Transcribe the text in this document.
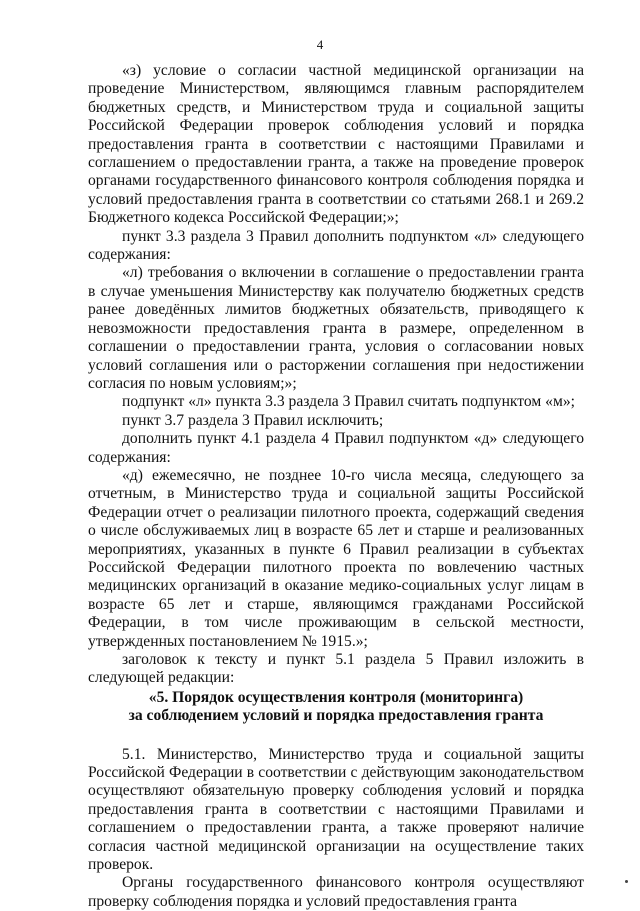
4

«з) условие о согласии частной медицинской организации на проведение Министерством, являющимся главным распорядителем бюджетных средств, и Министерством труда и социальной защиты Российской Федерации проверок соблюдения условий и порядка предоставления гранта в соответствии с настоящими Правилами и соглашением о предоставлении гранта, а также на проведение проверок органами государственного финансового контроля соблюдения порядка и условий предоставления гранта в соответствии со статьями 268.1 и 269.2 Бюджетного кодекса Российской Федерации;»;

пункт 3.3 раздела 3 Правил дополнить подпунктом «л» следующего содержания:

«л) требования о включении в соглашение о предоставлении гранта в случае уменьшения Министерству как получателю бюджетных средств ранее доведённых лимитов бюджетных обязательств, приводящего к невозможности предоставления гранта в размере, определенном в соглашении о предоставлении гранта, условия о согласовании новых условий соглашения или о расторжении соглашения при недостижении согласия по новым условиям;»;

подпункт «л» пункта 3.3 раздела 3 Правил считать подпунктом «м»;

пункт 3.7 раздела 3 Правил исключить;

дополнить пункт 4.1 раздела 4 Правил подпунктом «д» следующего содержания:

«д) ежемесячно, не позднее 10-го числа месяца, следующего за отчетным, в Министерство труда и социальной защиты Российской Федерации отчет о реализации пилотного проекта, содержащий сведения о числе обслуживаемых лиц в возрасте 65 лет и старше и реализованных мероприятиях, указанных в пункте 6 Правил реализации в субъектах Российской Федерации пилотного проекта по вовлечению частных медицинских организаций в оказание медико-социальных услуг лицам в возрасте 65 лет и старше, являющимся гражданами Российской Федерации, в том числе проживающим в сельской местности, утвержденных постановлением № 1915.»;

заголовок к тексту и пункт 5.1 раздела 5 Правил изложить в следующей редакции:

«5. Порядок осуществления контроля (мониторинга)
за соблюдением условий и порядка предоставления гранта

5.1. Министерство, Министерство труда и социальной защиты Российской Федерации в соответствии с действующим законодательством осуществляют обязательную проверку соблюдения условий и порядка предоставления гранта в соответствии с настоящими Правилами и соглашением о предоставлении гранта, а также проверяют наличие согласия частной медицинской организации на осуществление таких проверок.

Органы государственного финансового контроля осуществляют проверку соблюдения порядка и условий предоставления гранта
